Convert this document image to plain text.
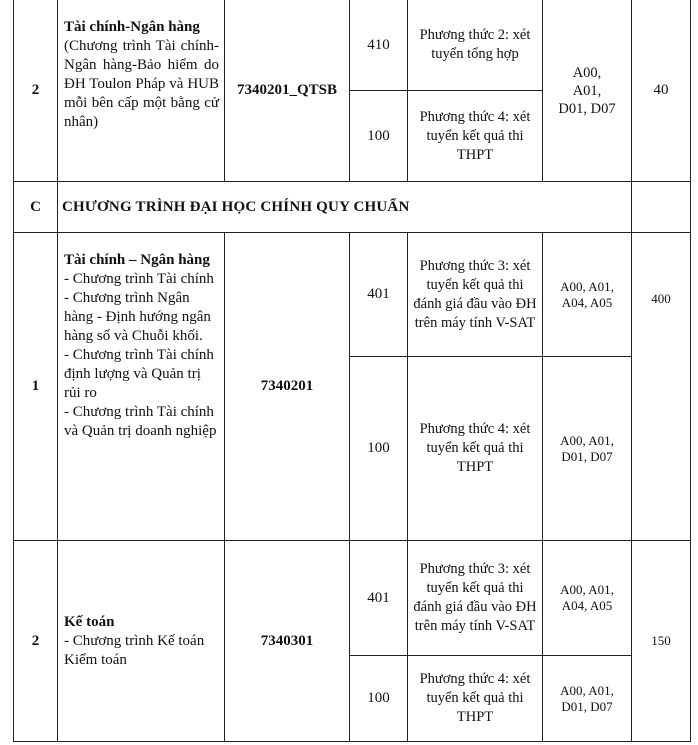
2	Tài chính-Ngân hàng
(Chương trình Tài chính-Ngân hàng-Bảo hiểm do ĐH Toulon Pháp và HUB mỗi bên cấp một bằng cử nhân)	7340201_QTSB	410	Phương thức 2: xét tuyển tổng hợp	A00, A01, D01, D07	40
			100	Phương thức 4: xét tuyển kết quả thi THPT		
C	CHƯƠNG TRÌNH ĐẠI HỌC CHÍNH QUY CHUẨN					
1	Tài chính – Ngân hàng
- Chương trình Tài chính
- Chương trình Ngân hàng - Định hướng ngân hàng số và Chuỗi khối.
- Chương trình Tài chính định lượng và Quản trị rủi ro
- Chương trình Tài chính và Quản trị doanh nghiệp	7340201	401	Phương thức 3: xét tuyển kết quả thi đánh giá đầu vào ĐH trên máy tính V-SAT	A00, A01, A04, A05	400
			100	Phương thức 4: xét tuyển kết quả thi THPT	A00, A01, D01, D07	
2	Kế toán
- Chương trình Kế toán Kiểm toán	7340301	401	Phương thức 3: xét tuyển kết quả thi đánh giá đầu vào ĐH trên máy tính V-SAT	A00, A01, A04, A05	150
			100	Phương thức 4: xét tuyển kết quả thi THPT	A00, A01, D01, D07	
